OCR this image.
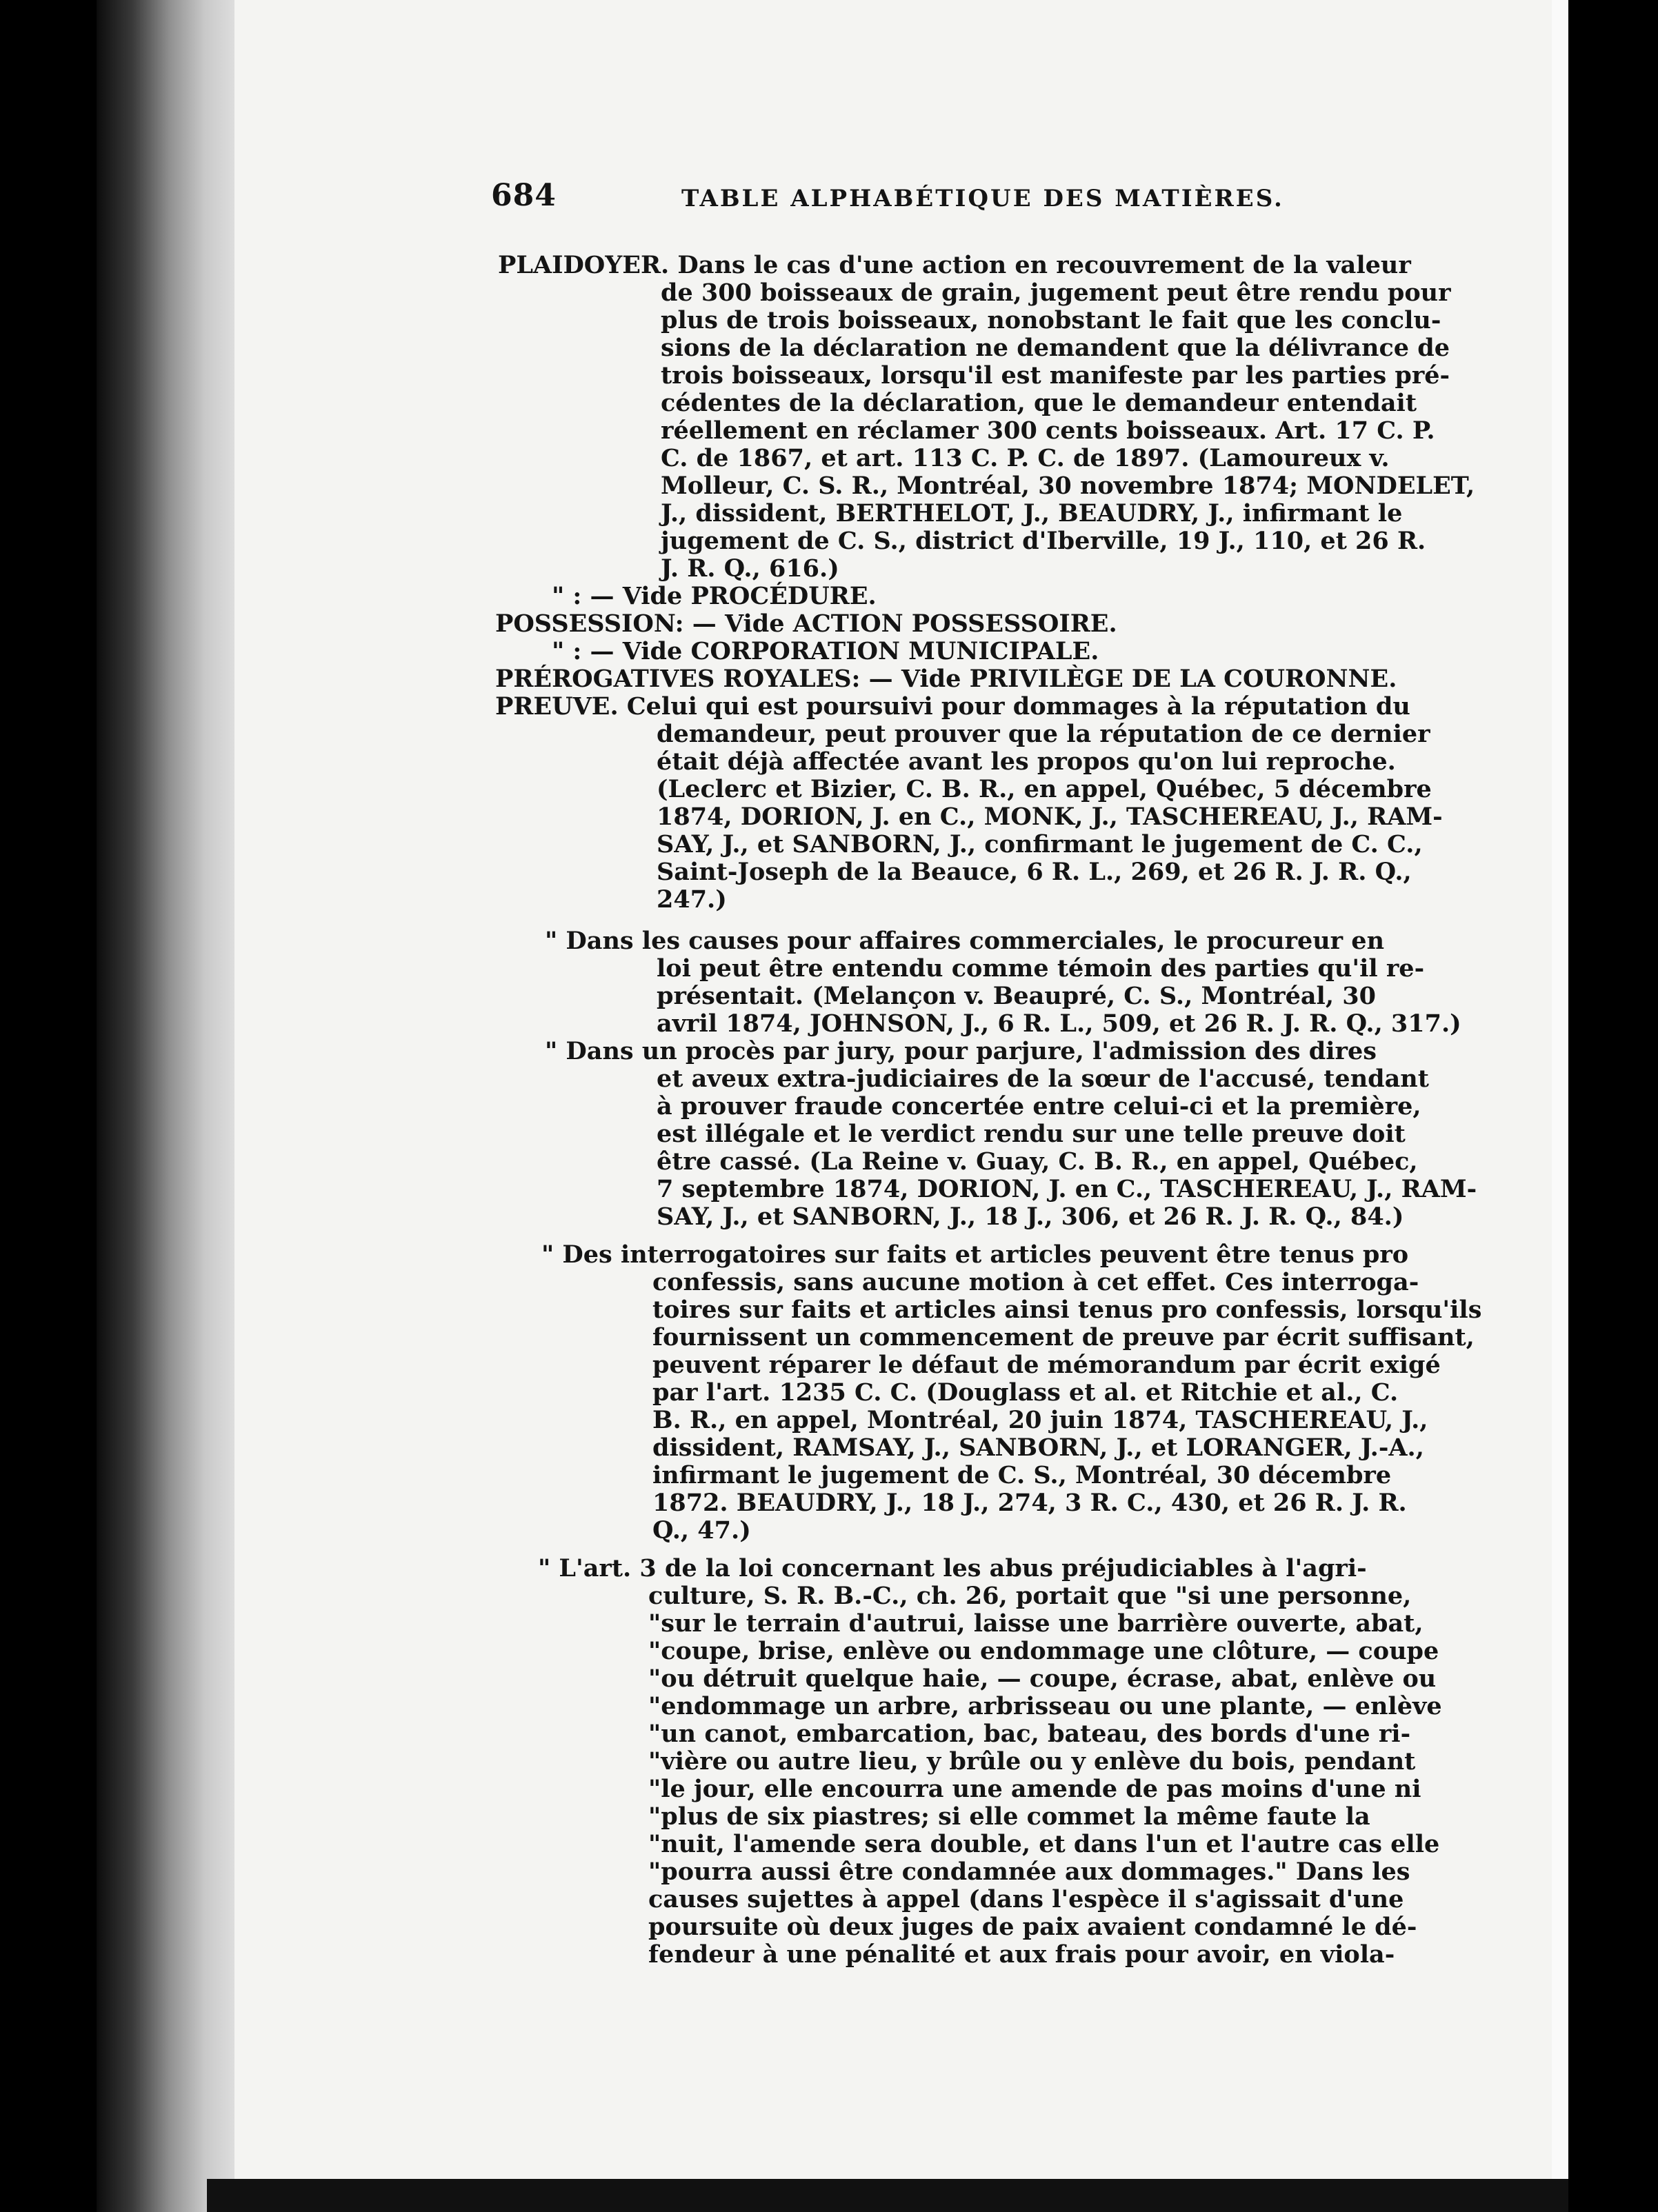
684	TABLE ALPHABÉTIQUE DES MATIÈRES.
PLAIDOYER. Dans le cas d'une action en recouvrement de la valeur
de 300 boisseaux de grain, jugement peut être rendu pour
plus de trois boisseaux, nonobstant le fait que les conclu-
sions de la déclaration ne demandent que la délivrance de
trois boisseaux, lorsqu'il est manifeste par les parties pré-
cédentes de la déclaration, que le demandeur entendait
réellement en réclamer 300 cents boisseaux. Art. 17 C. P.
C. de 1867, et art. 113 C. P. C. de 1897. (Lamoureux v.
Molleur, C. S. R., Montréal, 30 novembre 1874; MONDELET,
J., dissident, BERTHELOT, J., BEAUDRY, J., infirmant le
jugement de C. S., district d'Iberville, 19 J., 110, et 26 R.
J. R. Q., 616.)
" : — Vide PROCÉDURE.
POSSESSION: — Vide ACTION POSSESSOIRE.
" : — Vide CORPORATION MUNICIPALE.
PRÉROGATIVES ROYALES: — Vide PRIVILÈGE DE LA COURONNE.
PREUVE. Celui qui est poursuivi pour dommages à la réputation du
demandeur, peut prouver que la réputation de ce dernier
était déjà affectée avant les propos qu'on lui reproche.
(Leclerc et Bizier, C. B. R., en appel, Québec, 5 décembre
1874, DORION, J. en C., MONK, J., TASCHEREAU, J., RAM-
SAY, J., et SANBORN, J., confirmant le jugement de C. C.,
Saint-Joseph de la Beauce, 6 R. L., 269, et 26 R. J. R. Q.,
247.)
" Dans les causes pour affaires commerciales, le procureur en
loi peut être entendu comme témoin des parties qu'il re-
présentait. (Melançon v. Beaupré, C. S., Montréal, 30
avril 1874, JOHNSON, J., 6 R. L., 509, et 26 R. J. R. Q., 317.)
" Dans un procès par jury, pour parjure, l'admission des dires
et aveux extra-judiciaires de la sœur de l'accusé, tendant
à prouver fraude concertée entre celui-ci et la première,
est illégale et le verdict rendu sur une telle preuve doit
être cassé. (La Reine v. Guay, C. B. R., en appel, Québec,
7 septembre 1874, DORION, J. en C., TASCHEREAU, J., RAM-
SAY, J., et SANBORN, J., 18 J., 306, et 26 R. J. R. Q., 84.)
" Des interrogatoires sur faits et articles peuvent être tenus pro
confessis, sans aucune motion à cet effet. Ces interroga-
toires sur faits et articles ainsi tenus pro confessis, lorsqu'ils
fournissent un commencement de preuve par écrit suffisant,
peuvent réparer le défaut de mémorandum par écrit exigé
par l'art. 1235 C. C. (Douglass et al. et Ritchie et al., C.
B. R., en appel, Montréal, 20 juin 1874, TASCHEREAU, J.,
dissident, RAMSAY, J., SANBORN, J., et LORANGER, J.-A.,
infirmant le jugement de C. S., Montréal, 30 décembre
1872. BEAUDRY, J., 18 J., 274, 3 R. C., 430, et 26 R. J. R.
Q., 47.)
" L'art. 3 de la loi concernant les abus préjudiciables à l'agri-
culture, S. R. B.-C., ch. 26, portait que "si une personne,
"sur le terrain d'autrui, laisse une barrière ouverte, abat,
"coupe, brise, enlève ou endommage une clôture, — coupe
"ou détruit quelque haie, — coupe, écrase, abat, enlève ou
"endommage un arbre, arbrisseau ou une plante, — enlève
"un canot, embarcation, bac, bateau, des bords d'une ri-
"vière ou autre lieu, y brûle ou y enlève du bois, pendant
"le jour, elle encourra une amende de pas moins d'une ni
"plus de six piastres; si elle commet la même faute la
"nuit, l'amende sera double, et dans l'un et l'autre cas elle
"pourra aussi être condamnée aux dommages." Dans les
causes sujettes à appel (dans l'espèce il s'agissait d'une
poursuite où deux juges de paix avaient condamné le dé-
fendeur à une pénalité et aux frais pour avoir, en viola-
